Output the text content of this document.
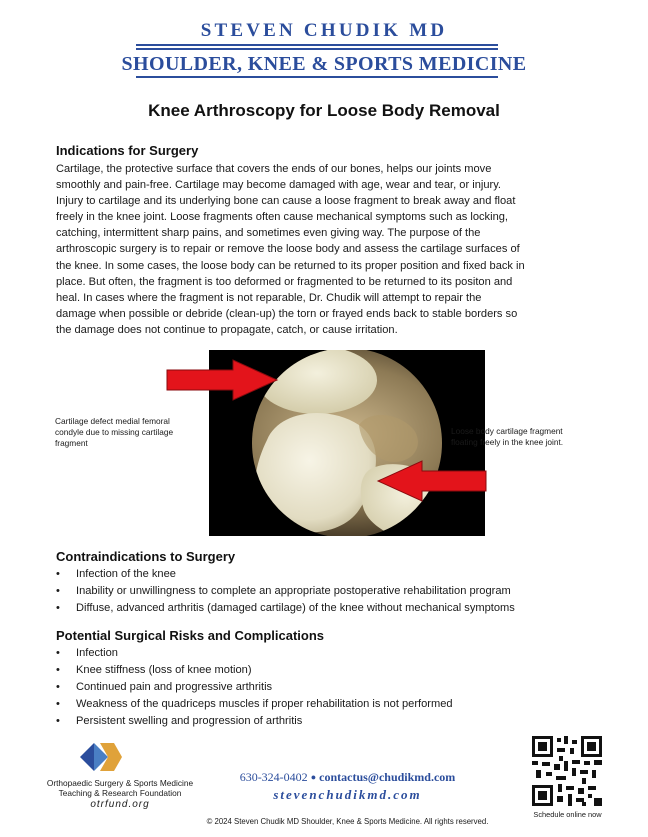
STEVEN CHUDIK MD
SHOULDER, KNEE & SPORTS MEDICINE
Knee Arthroscopy for Loose Body Removal
Indications for Surgery
Cartilage, the protective surface that covers the ends of our bones, helps our joints move
smoothly and pain-free. Cartilage may become damaged with age, wear and tear, or injury.
Injury to cartilage and its underlying bone can cause a loose fragment to break away and float
freely in the knee joint. Loose fragments often cause mechanical symptoms such as locking,
catching, intermittent sharp pains, and sometimes even giving way. The purpose of the
arthroscopic surgery is to repair or remove the loose body and assess the cartilage surfaces of
the knee. In some cases, the loose body can be returned to its proper position and fixed back in
place. But often, the fragment is too deformed or fragmented to be returned to its positon and
heal. In cases where the fragment is not reparable, Dr. Chudik will attempt to repair the
damage when possible or debride (clean-up) the torn or frayed ends back to stable borders so
the damage does not continue to propagate, catch, or cause irritation.
Cartilage defect medial femoral
condyle due to missing cartilage
fragment
Loose body cartilage fragment
floating freely in the knee joint.
Contraindications to Surgery
• Infection of the knee
• Inability or unwillingness to complete an appropriate postoperative rehabilitation program
• Diffuse, advanced arthritis (damaged cartilage) of the knee without mechanical symptoms
Potential Surgical Risks and Complications
• Infection
• Knee stiffness (loss of knee motion)
• Continued pain and progressive arthritis
• Weakness of the quadriceps muscles if proper rehabilitation is not performed
• Persistent swelling and progression of arthritis
Orthopaedic Surgery & Sports Medicine
Teaching & Research Foundation
otrfund.org
630-324-0402 ● contactus@chudikmd.com
stevenchudikmd.com
© 2024 Steven Chudik MD Shoulder, Knee & Sports Medicine. All rights reserved.
Schedule online now
